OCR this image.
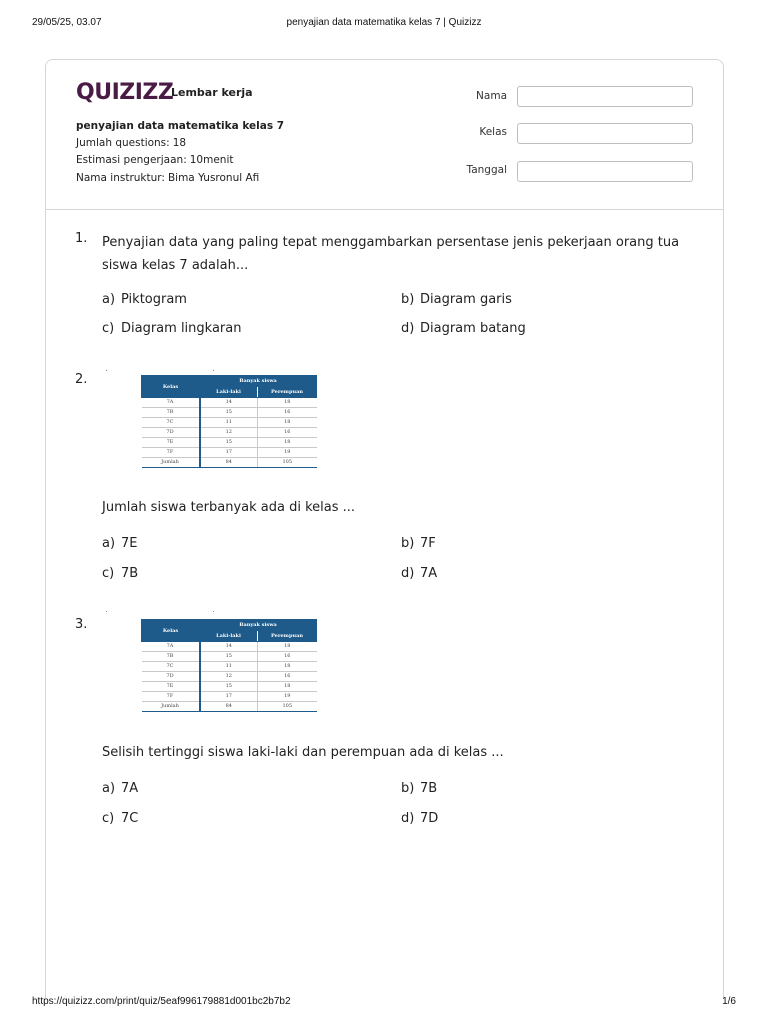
29/05/25, 03.07	penyajian data matematika kelas 7 | Quizizz
QUIZIZZ
Lembar kerja
penyajian data matematika kelas 7
Jumlah questions: 18
Estimasi pengerjaan: 10menit
Nama instruktur: Bima Yusronul Afi
Nama
Kelas
Tanggal
1. Penyajian data yang paling tepat menggambarkan persentase jenis pekerjaan orang tua siswa kelas 7 adalah...
a) Piktogram	b) Diagram garis
c) Diagram lingkaran	d) Diagram batang
2.	Kelas	Banyak siswa	
	Laki-laki	Perempuan
7A	14	18
7B	15	16
7C	11	18
7D	12	16
7E	15	18
7F	17	19
Jumlah	84	105
Jumlah siswa terbanyak ada di kelas ...
a) 7E	b) 7F
c) 7B	d) 7A
3.	Kelas	Banyak siswa	
	Laki-laki	Perempuan
7A	14	18
7B	15	16
7C	11	18
7D	12	16
7E	15	18
7F	17	19
Jumlah	84	105
Selisih tertinggi siswa laki-laki dan perempuan ada di kelas ...
a) 7A	b) 7B
c) 7C	d) 7D
https://quizizz.com/print/quiz/5eaf996179881d001bc2b7b2	1/6
